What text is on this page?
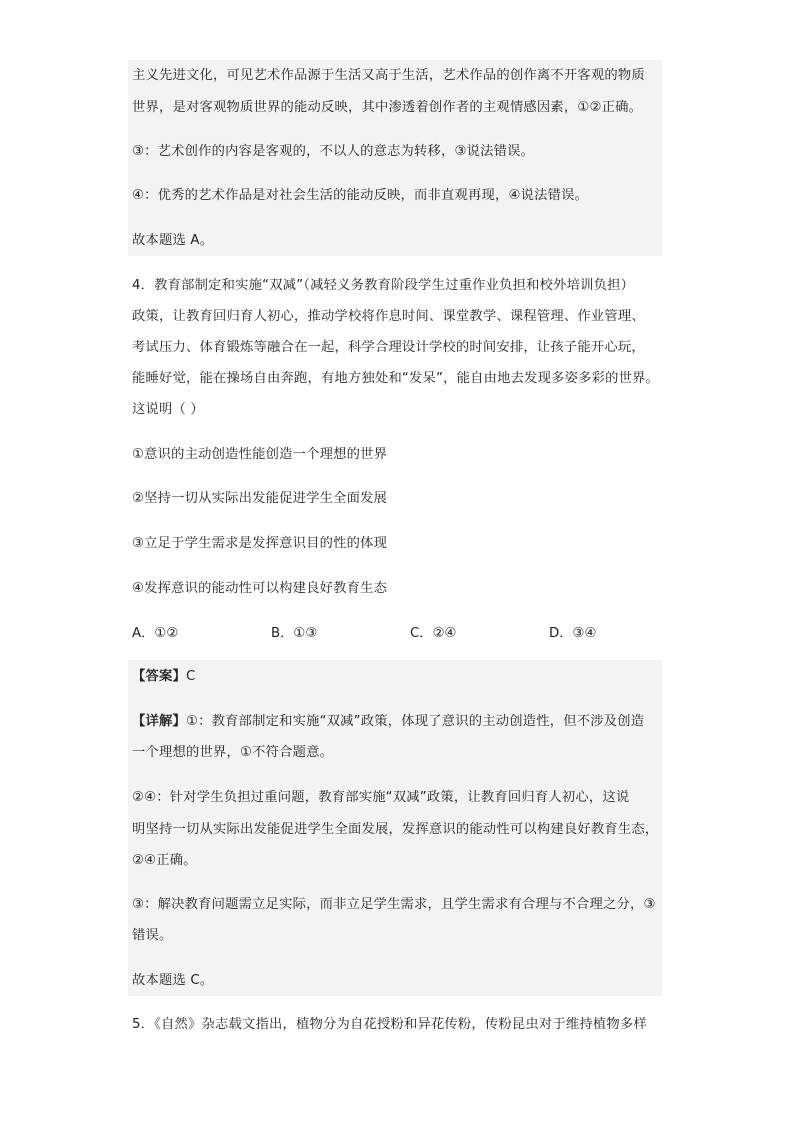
主义先进文化，可见艺术作品源于生活又高于生活，艺术作品的创作离不开客观的物质
世界，是对客观物质世界的能动反映，其中渗透着创作者的主观情感因素，①②正确。
③：艺术创作的内容是客观的，不以人的意志为转移，③说法错误。
④：优秀的艺术作品是对社会生活的能动反映，而非直观再现，④说法错误。
故本题选 A。
4．教育部制定和实施“双减”（减轻义务教育阶段学生过重作业负担和校外培训负担）
政策，让教育回归育人初心，推动学校将作息时间、课堂教学、课程管理、作业管理、
考试压力、体育锻炼等融合在一起，科学合理设计学校的时间安排，让孩子能开心玩，
能睡好觉，能在操场自由奔跑，有地方独处和“发呆”，能自由地去发现多姿多彩的世界。
这说明（ ）
①意识的主动创造性能创造一个理想的世界
②坚持一切从实际出发能促进学生全面发展
③立足于学生需求是发挥意识目的性的体现
④发挥意识的能动性可以构建良好教育生态
A．①②	B．①③	C．②④	D．③④
【答案】C
【详解】①：教育部制定和实施“双减”政策，体现了意识的主动创造性，但不涉及创造
一个理想的世界，①不符合题意。
②④：针对学生负担过重问题，教育部实施“双减”政策，让教育回归育人初心，这说
明坚持一切从实际出发能促进学生全面发展，发挥意识的能动性可以构建良好教育生态，
②④正确。
③：解决教育问题需立足实际，而非立足学生需求，且学生需求有合理与不合理之分，③
错误。
故本题选 C。
5．《自然》杂志载文指出，植物分为自花授粉和异花传粉，传粉昆虫对于维持植物多样
